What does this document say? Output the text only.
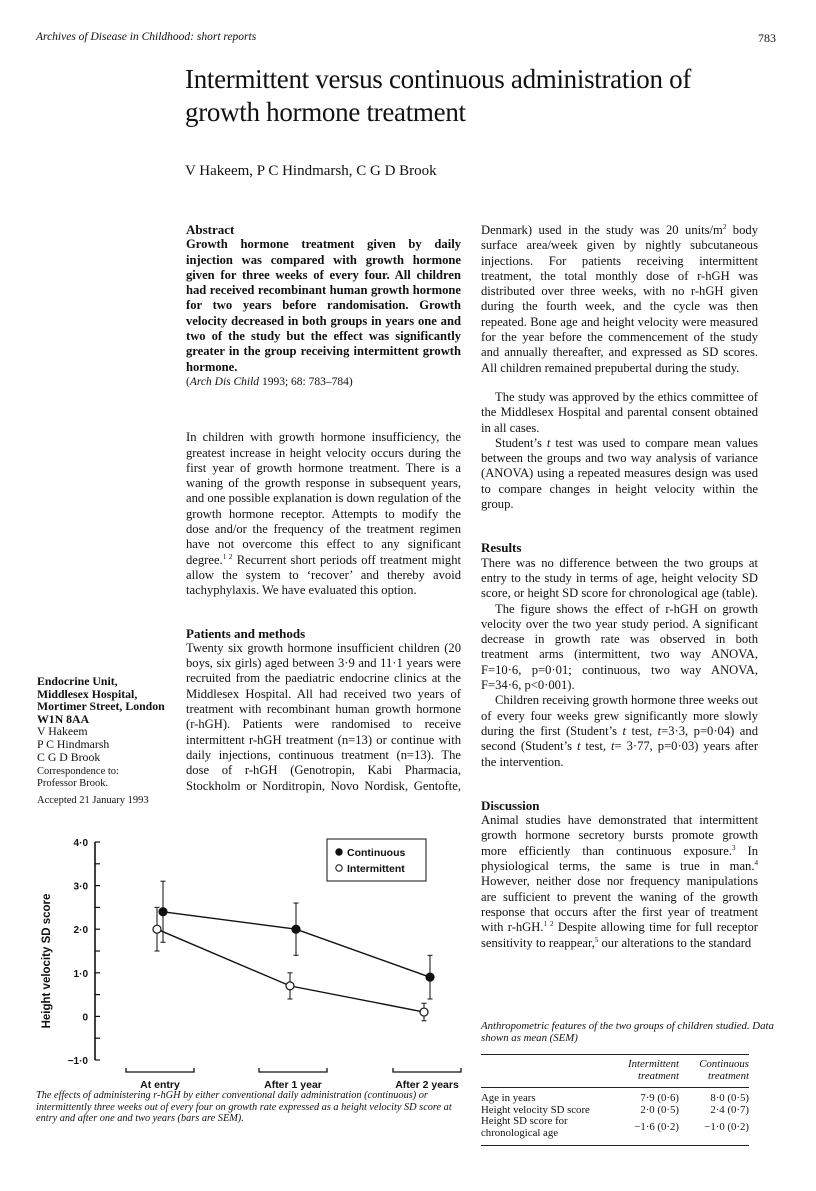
Archives of Disease in Childhood: short reports	783
Intermittent versus continuous administration of growth hormone treatment
V Hakeem, P C Hindmarsh, C G D Brook
Abstract

Growth hormone treatment given by daily injection was compared with growth hormone given for three weeks of every four. All children had received recombinant human growth hormone for two years before randomisation. Growth velocity decreased in both groups in years one and two of the study but the effect was significantly greater in the group receiving intermittent growth hormone.

(Arch Dis Child 1993; 68: 783–784)

In children with growth hormone insufficiency, the greatest increase in height velocity occurs during the first year of growth hormone treatment. There is a waning of the growth response in subsequent years, and one possible explanation is down regulation of the growth hormone receptor. Attempts to modify the dose and/or the frequency of the treatment regimen have not overcome this effect to any significant degree.$^{1 2}$ Recurrent short periods off treatment might allow the system to ‘recover’ and thereby avoid tachyphylaxis. We have evaluated this option.

Patients and methods

Twenty six growth hormone insufficient children (20 boys, six girls) aged between 3·9 and 11·1 years were recruited from the paediatric endocrine clinics at the Middlesex Hospital. All had received two years of treatment with recombinant human growth hormone (r-hGH). Patients were randomised to receive intermittent r-hGH treatment (n=13) or continue with daily injections, continuous treatment (n=13). The dose of r-hGH (Genotropin, Kabi Pharmacia, Stockholm or Norditropin, Novo Nordisk, Gentofte,

Endocrine Unit,
Middlesex Hospital,
Mortimer Street, London
W1N 8AA
V Hakeem
P C Hindmarsh
C G D Brook
Correspondence to:
Professor Brook.
Accepted 21 January 1993

Denmark) used in the study was 20 units/$m^2$ body surface area/week given by nightly subcutaneous injections. For patients receiving intermittent treatment, the total monthly dose of r-hGH was distributed over three weeks, with no r-hGH given during the fourth week, and the cycle was then repeated. Bone age and height velocity were measured for the year before the commencement of the study and annually thereafter, and expressed as SD scores. All children remained prepubertal during the study.

The study was approved by the ethics committee of the Middlesex Hospital and parental consent obtained in all cases.

Student’s t test was used to compare mean values between the groups and two way analysis of variance (ANOVA) using a repeated measures design was used to compare changes in height velocity within the group.

Results

There was no difference between the two groups at entry to the study in terms of age, height velocity SD score, or height SD score for chronological age (table).

The figure shows the effect of r-hGH on growth velocity over the two year study period. A significant decrease in growth rate was observed in both treatment arms (intermittent, two way ANOVA, F=10·6, p=0·01; continuous, two way ANOVA, F=34·6, p<0·001).

Children receiving growth hormone three weeks out of every four weeks grew significantly more slowly during the first (Student’s t test, t=3·3, p=0·04) and second (Student’s t test, t= 3·77, p=0·03) years after the intervention.

Discussion

Animal studies have demonstrated that intermittent growth hormone secretory bursts promote growth more efficiently than continuous exposure.$^3$ In physiological terms, the same is true in man.$^4$ However, neither dose nor frequency manipulations are sufficient to prevent the waning of the growth response that occurs after the first year of treatment with r-hGH.$^{1 2}$ Despite allowing time for full receptor sensitivity to reappear,$^5$ our alterations to the standard

Anthropometric features of the two groups of children studied. Data shown as mean (SEM)
	Intermittent treatment	Continuous treatment
Age in years	7·9 (0·6)	8·0 (0·5)
Height velocity SD score	2·0 (0·5)	2·4 (0·7)
Height SD score for chronological age	−1·6 (0·2)	−1·0 (0·2)
4·0
3·0
2·0
1·0
0
−1·0
Height velocity SD score
At entry	After 1 year	After 2 years
Continuous
Intermittent
The effects of administering r-hGH by either conventional daily administration (continuous) or intermittently three weeks out of every four on growth rate expressed as a height velocity SD score at entry and after one and two years (bars are SEM).
